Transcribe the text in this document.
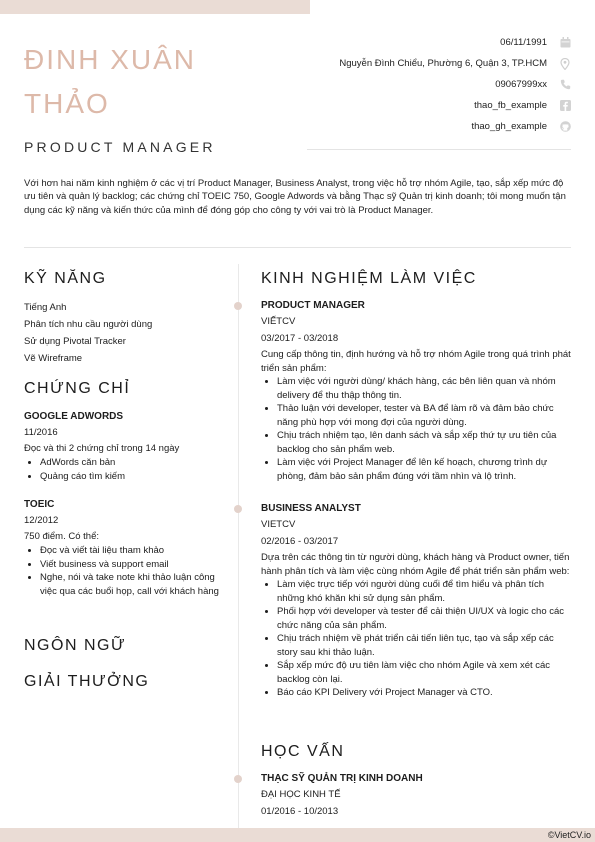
ĐINH XUÂN THẢO
PRODUCT MANAGER
06/11/1991
Nguyễn Đình Chiểu, Phường 6, Quận 3, TP.HCM
09067999xx
thao_fb_example
thao_gh_example
Với hơn hai năm kinh nghiệm ở các vị trí Product Manager, Business Analyst, trong việc hỗ trợ nhóm Agile, tạo, sắp xếp mức độ ưu tiên và quản lý backlog; các chứng chỉ TOEIC 750, Google Adwords và bằng Thạc sỹ Quản trị kinh doanh; tôi mong muốn tận dụng các kỹ năng và kiến thức của mình để đóng góp cho công ty với vai trò là Product Manager.
KỸ NĂNG
Tiếng Anh
Phân tích nhu cầu người dùng
Sử dụng Pivotal Tracker
Vẽ Wireframe
CHỨNG CHỈ
GOOGLE ADWORDS
11/2016
Đọc và thi 2 chứng chỉ trong 14 ngày
• AdWords căn bản
• Quảng cáo tìm kiếm
TOEIC
12/2012
750 điểm. Có thể:
• Đọc và viết tài liệu tham khảo
• Viết business và support email
• Nghe, nói và take note khi thảo luận công việc qua các buổi họp, call với khách hàng
NGÔN NGỮ
GIẢI THƯỞNG
KINH NGHIỆM LÀM VIỆC
PRODUCT MANAGER
VIẾTCV
03/2017 - 03/2018
Cung cấp thông tin, định hướng và hỗ trợ nhóm Agile trong quá trình phát triển sản phẩm:
• Làm việc với người dùng/ khách hàng, các bên liên quan và nhóm delivery để thu thập thông tin.
• Thảo luận với developer, tester và BA để làm rõ và đảm bảo chức năng phù hợp với mong đợi của người dùng.
• Chịu trách nhiệm tạo, lên danh sách và sắp xếp thứ tự ưu tiên của backlog cho sản phẩm web.
• Làm việc với Project Manager để lên kế hoạch, chương trình dự phòng, đảm bảo sản phẩm đúng với tầm nhìn và lộ trình.
BUSINESS ANALYST
VIETCV
02/2016 - 03/2017
Dựa trên các thông tin từ người dùng, khách hàng và Product owner, tiến hành phân tích và làm việc cùng nhóm Agile để phát triển sản phẩm web:
• Làm việc trực tiếp với người dùng cuối để tìm hiểu và phân tích những khó khăn khi sử dụng sản phẩm.
• Phối hợp với developer và tester để cải thiện UI/UX và logic cho các chức năng của sản phẩm.
• Chịu trách nhiệm về phát triển cải tiến liên tục, tạo và sắp xếp các story sau khi thảo luận.
• Sắp xếp mức độ ưu tiên làm việc cho nhóm Agile và xem xét các backlog còn lại.
• Báo cáo KPI Delivery với Project Manager và CTO.
HỌC VẤN
THẠC SỸ QUẢN TRỊ KINH DOANH
ĐẠI HỌC KINH TẾ
01/2016 - 10/2013
©VietCV.io
